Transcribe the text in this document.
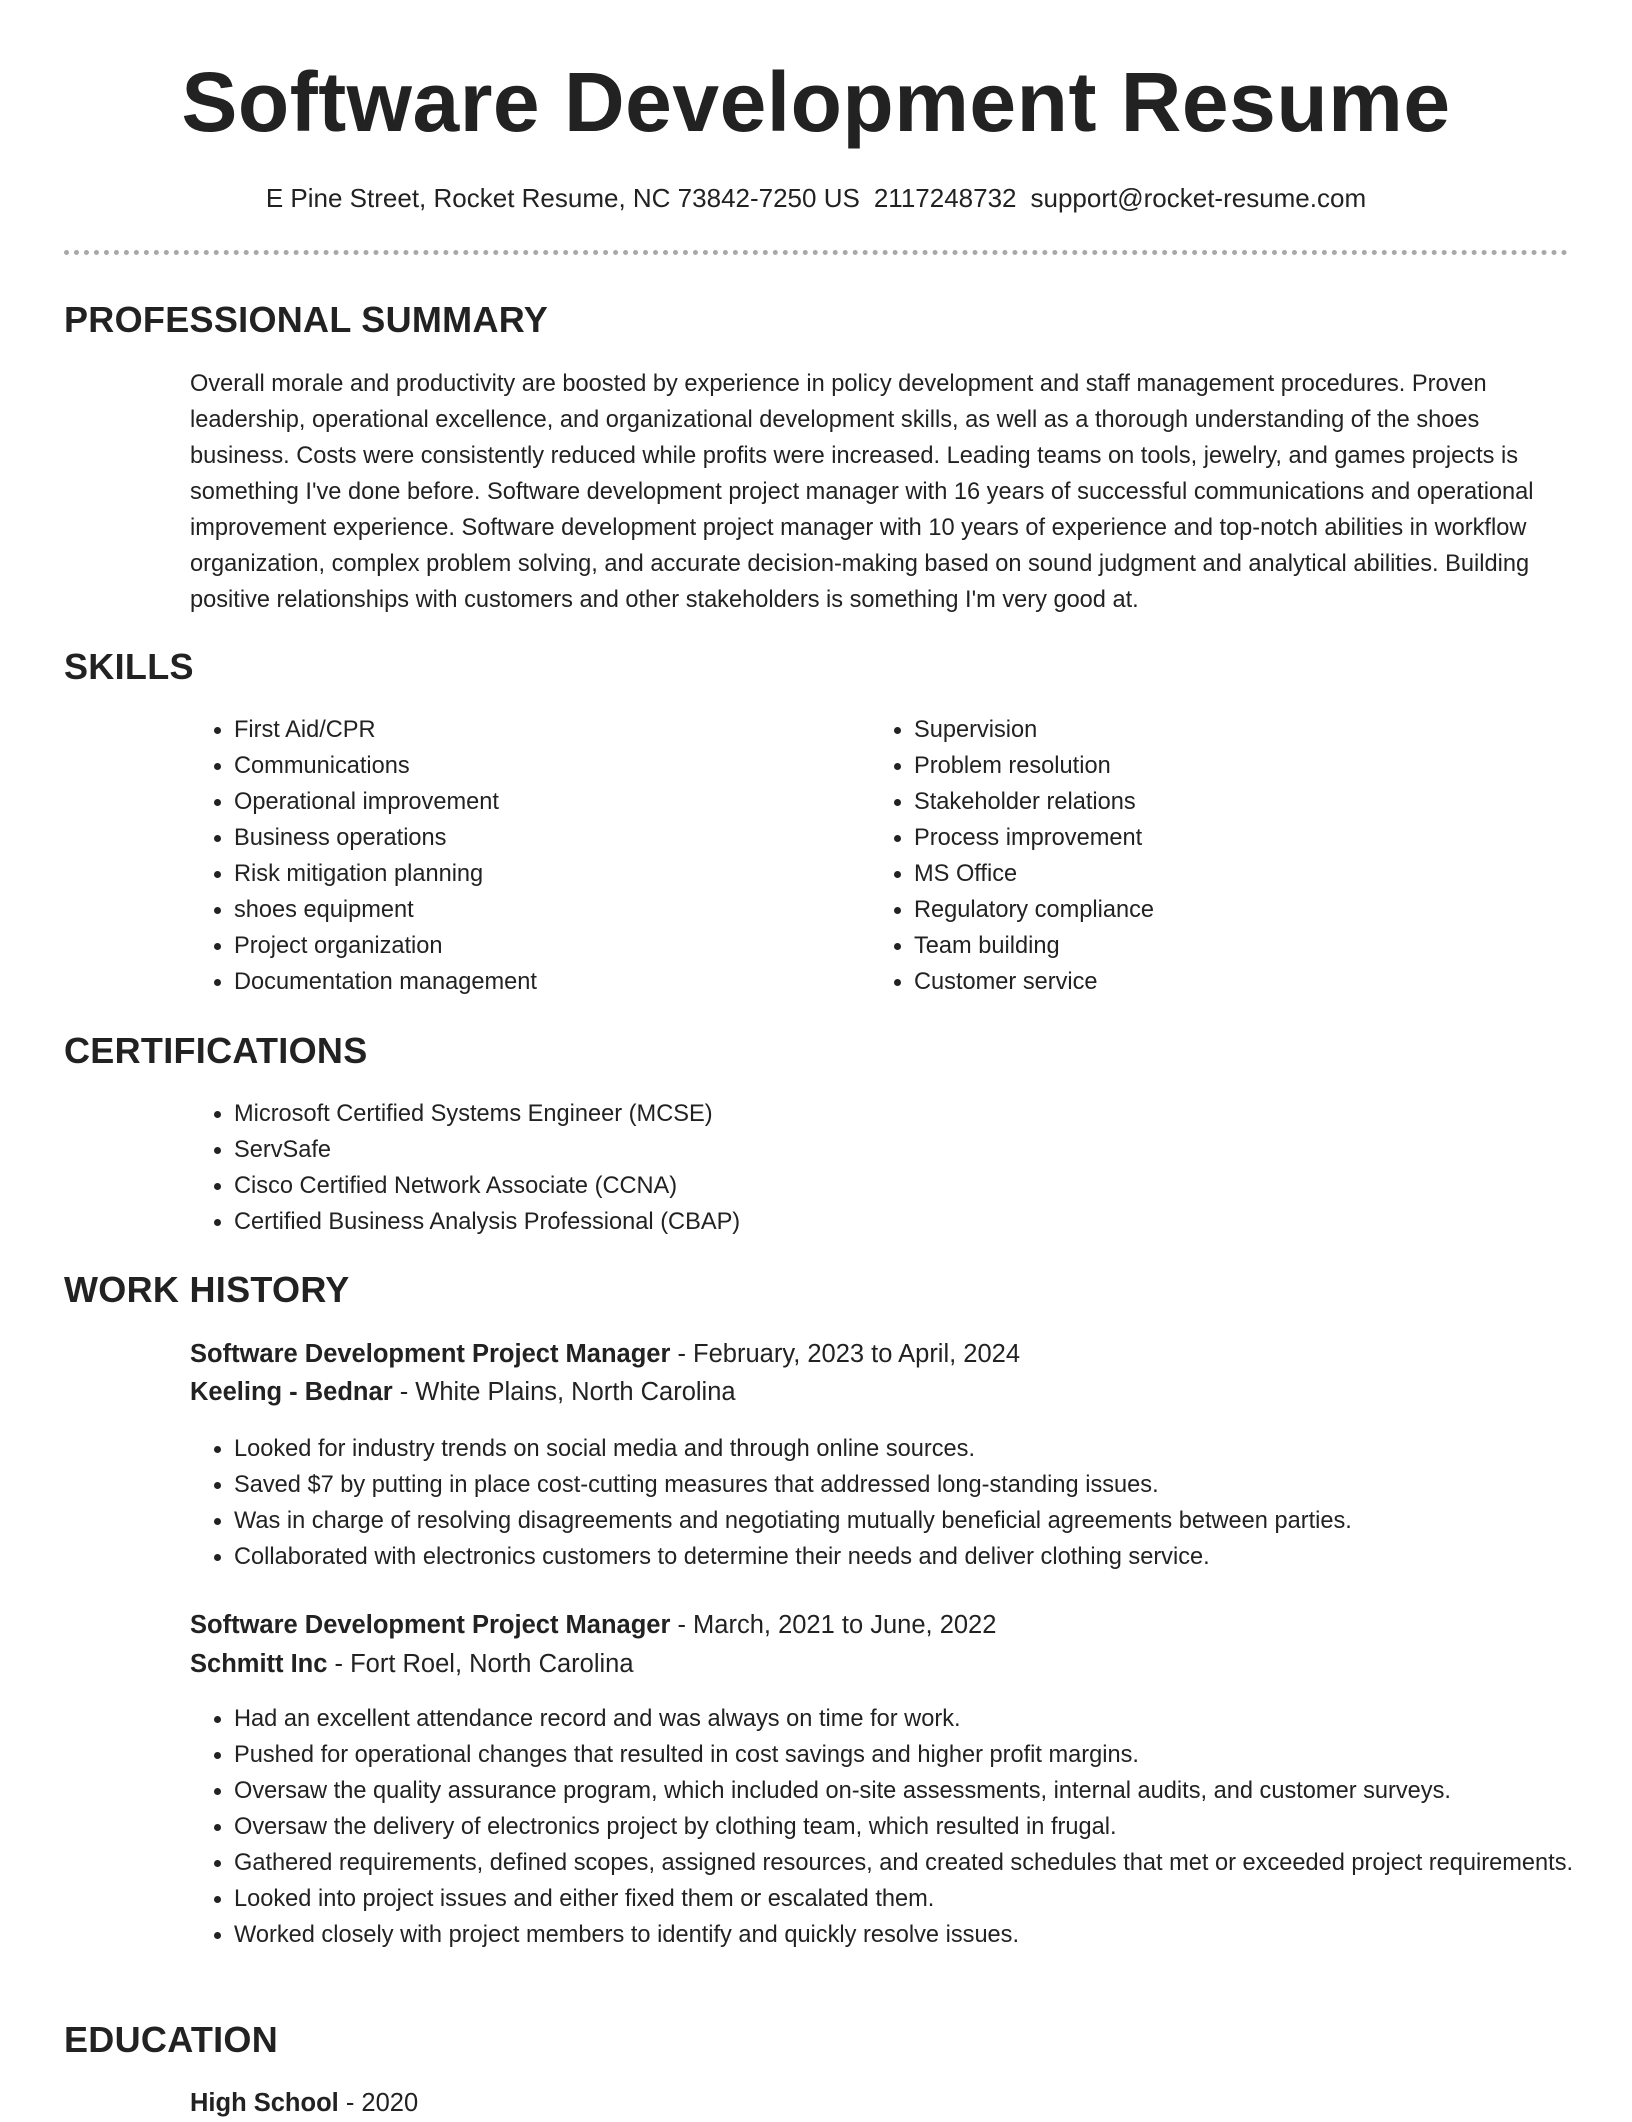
Software Development Resume
E Pine Street, Rocket Resume, NC 73842-7250 US 2117248732 support@rocket-resume.com
PROFESSIONAL SUMMARY

Overall morale and productivity are boosted by experience in policy development and staff management procedures. Proven leadership, operational excellence, and organizational development skills, as well as a thorough understanding of the shoes business. Costs were consistently reduced while profits were increased. Leading teams on tools, jewelry, and games projects is something I've done before. Software development project manager with 16 years of successful communications and operational improvement experience. Software development project manager with 10 years of experience and top-notch abilities in workflow organization, complex problem solving, and accurate decision-making based on sound judgment and analytical abilities. Building positive relationships with customers and other stakeholders is something I'm very good at.

SKILLS
• First Aid/CPR
• Communications
• Operational improvement
• Business operations
• Risk mitigation planning
• shoes equipment
• Project organization
• Documentation management
• Supervision
• Problem resolution
• Stakeholder relations
• Process improvement
• MS Office
• Regulatory compliance
• Team building
• Customer service
CERTIFICATIONS
• Microsoft Certified Systems Engineer (MCSE)
• ServSafe
• Cisco Certified Network Associate (CCNA)
• Certified Business Analysis Professional (CBAP)
WORK HISTORY
Software Development Project Manager - February, 2023 to April, 2024
Keeling - Bednar - White Plains, North Carolina
• Looked for industry trends on social media and through online sources.
• Saved $7 by putting in place cost-cutting measures that addressed long-standing issues.
• Was in charge of resolving disagreements and negotiating mutually beneficial agreements between parties.
• Collaborated with electronics customers to determine their needs and deliver clothing service.
Software Development Project Manager - March, 2021 to June, 2022
Schmitt Inc - Fort Roel, North Carolina
• Had an excellent attendance record and was always on time for work.
• Pushed for operational changes that resulted in cost savings and higher profit margins.
• Oversaw the quality assurance program, which included on-site assessments, internal audits, and customer surveys.
• Oversaw the delivery of electronics project by clothing team, which resulted in frugal.
• Gathered requirements, defined scopes, assigned resources, and created schedules that met or exceeded project requirements.
• Looked into project issues and either fixed them or escalated them.
• Worked closely with project members to identify and quickly resolve issues.
EDUCATION
High School - 2020
